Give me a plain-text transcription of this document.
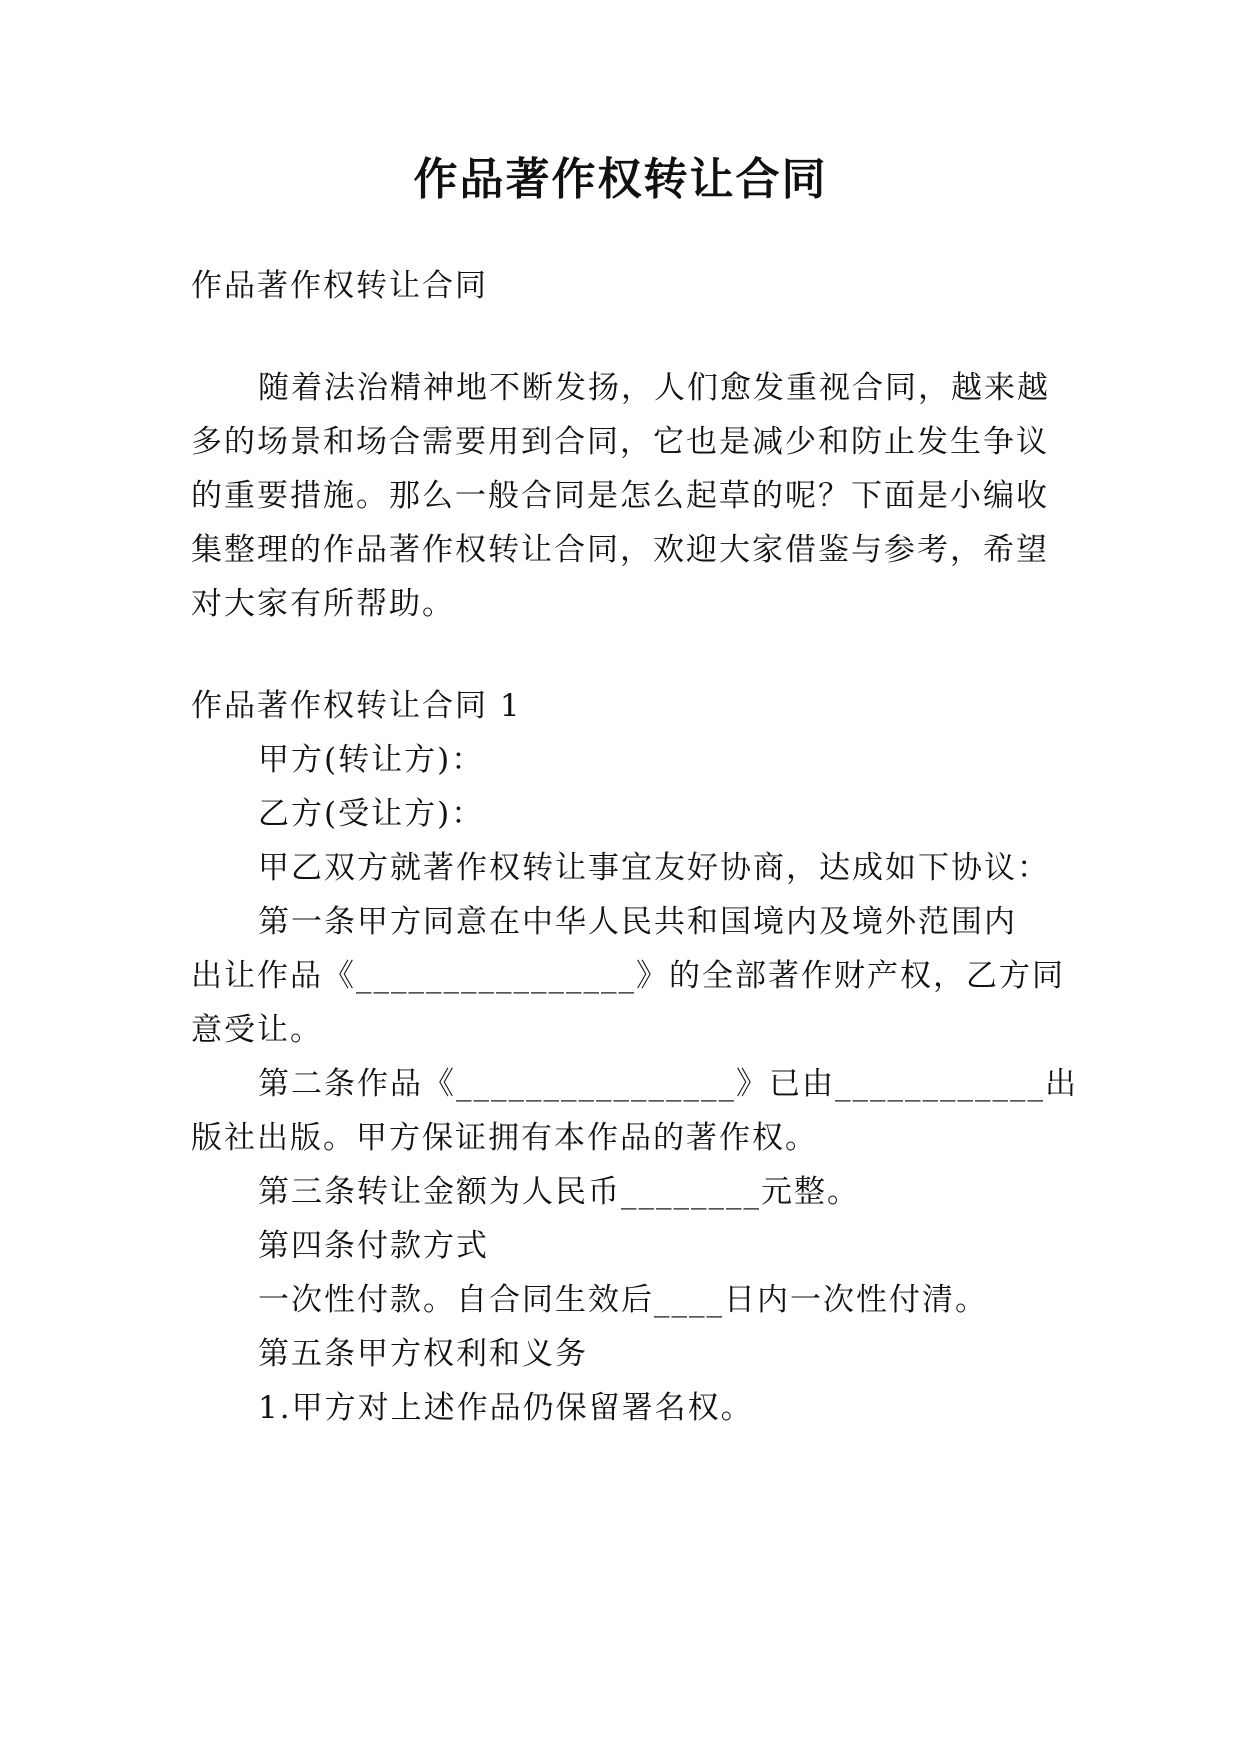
作品著作权转让合同
作品著作权转让合同
随着法治精神地不断发扬，人们愈发重视合同，越来越
多的场景和场合需要用到合同，它也是减少和防止发生争议
的重要措施。那么一般合同是怎么起草的呢？下面是小编收
集整理的作品著作权转让合同，欢迎大家借鉴与参考，希望
对大家有所帮助。
作品著作权转让合同 1
甲方(转让方)：
乙方(受让方)：
甲乙双方就著作权转让事宜友好协商，达成如下协议：
第一条甲方同意在中华人民共和国境内及境外范围内
出让作品《________________》的全部著作财产权，乙方同
意受让。
第二条作品《________________》已由____________出
版社出版。甲方保证拥有本作品的著作权。
第三条转让金额为人民币________元整。
第四条付款方式
一次性付款。自合同生效后____日内一次性付清。
第五条甲方权利和义务
1.甲方对上述作品仍保留署名权。
